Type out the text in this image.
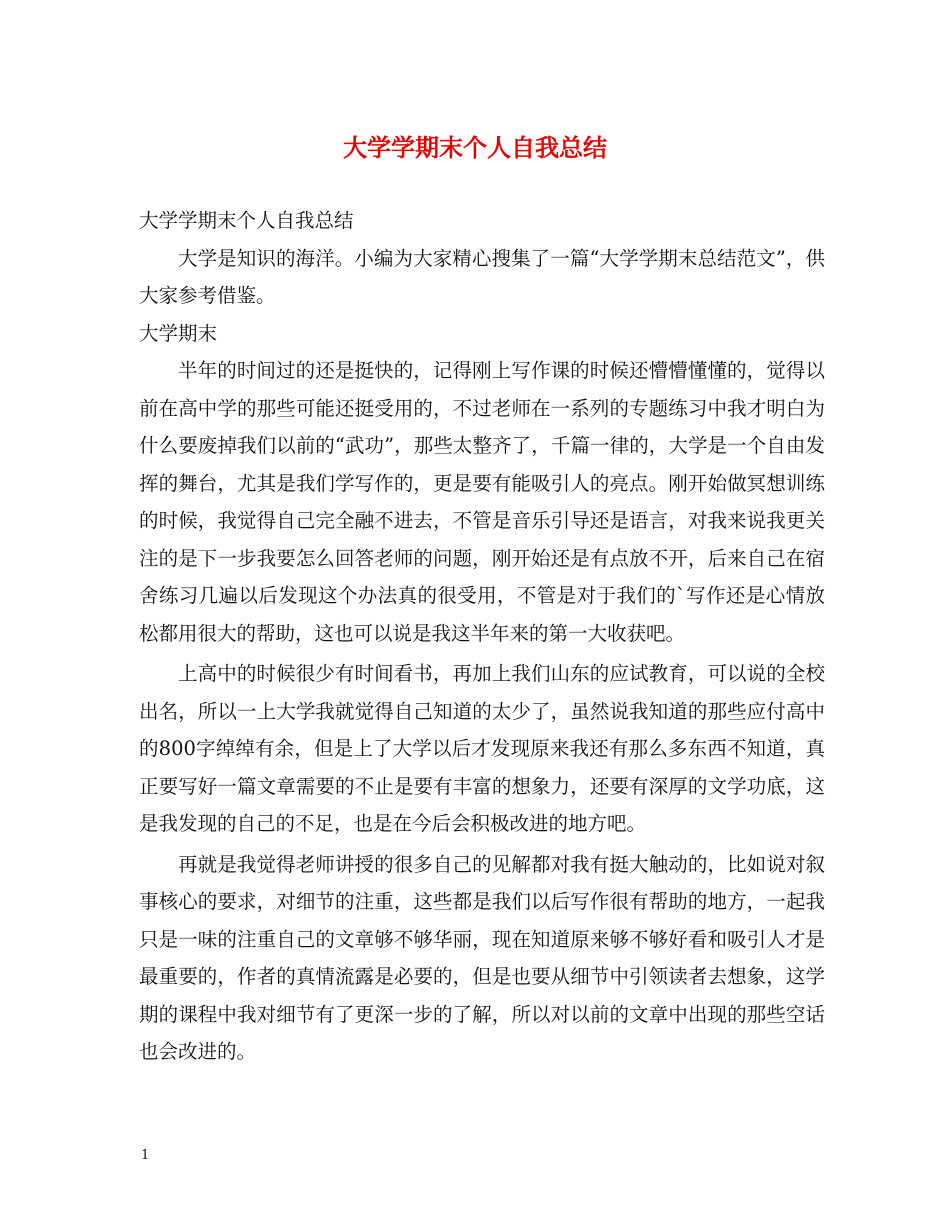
大学学期末个人自我总结

大学学期末个人自我总结

大学是知识的海洋。小编为大家精心搜集了一篇“大学学期末总结范文”，供大家参考借鉴。

大学期末

半年的时间过的还是挺快的，记得刚上写作课的时候还懵懵懂懂的，觉得以前在高中学的那些可能还挺受用的，不过老师在一系列的专题练习中我才明白为什么要废掉我们以前的“武功”，那些太整齐了，千篇一律的，大学是一个自由发挥的舞台，尤其是我们学写作的，更是要有能吸引人的亮点。刚开始做冥想训练的时候，我觉得自己完全融不进去，不管是音乐引导还是语言，对我来说我更关注的是下一步我要怎么回答老师的问题，刚开始还是有点放不开，后来自己在宿舍练习几遍以后发现这个办法真的很受用，不管是对于我们的`写作还是心情放松都用很大的帮助，这也可以说是我这半年来的第一大收获吧。

上高中的时候很少有时间看书，再加上我们山东的应试教育，可以说的全校出名，所以一上大学我就觉得自己知道的太少了，虽然说我知道的那些应付高中的800字绰绰有余，但是上了大学以后才发现原来我还有那么多东西不知道，真正要写好一篇文章需要的不止是要有丰富的想象力，还要有深厚的文学功底，这是我发现的自己的不足，也是在今后会积极改进的地方吧。

再就是我觉得老师讲授的很多自己的见解都对我有挺大触动的，比如说对叙事核心的要求，对细节的注重，这些都是我们以后写作很有帮助的地方，一起我只是一味的注重自己的文章够不够华丽，现在知道原来够不够好看和吸引人才是最重要的，作者的真情流露是必要的，但是也要从细节中引领读者去想象，这学期的课程中我对细节有了更深一步的了解，所以对以前的文章中出现的那些空话也会改进的。

1
